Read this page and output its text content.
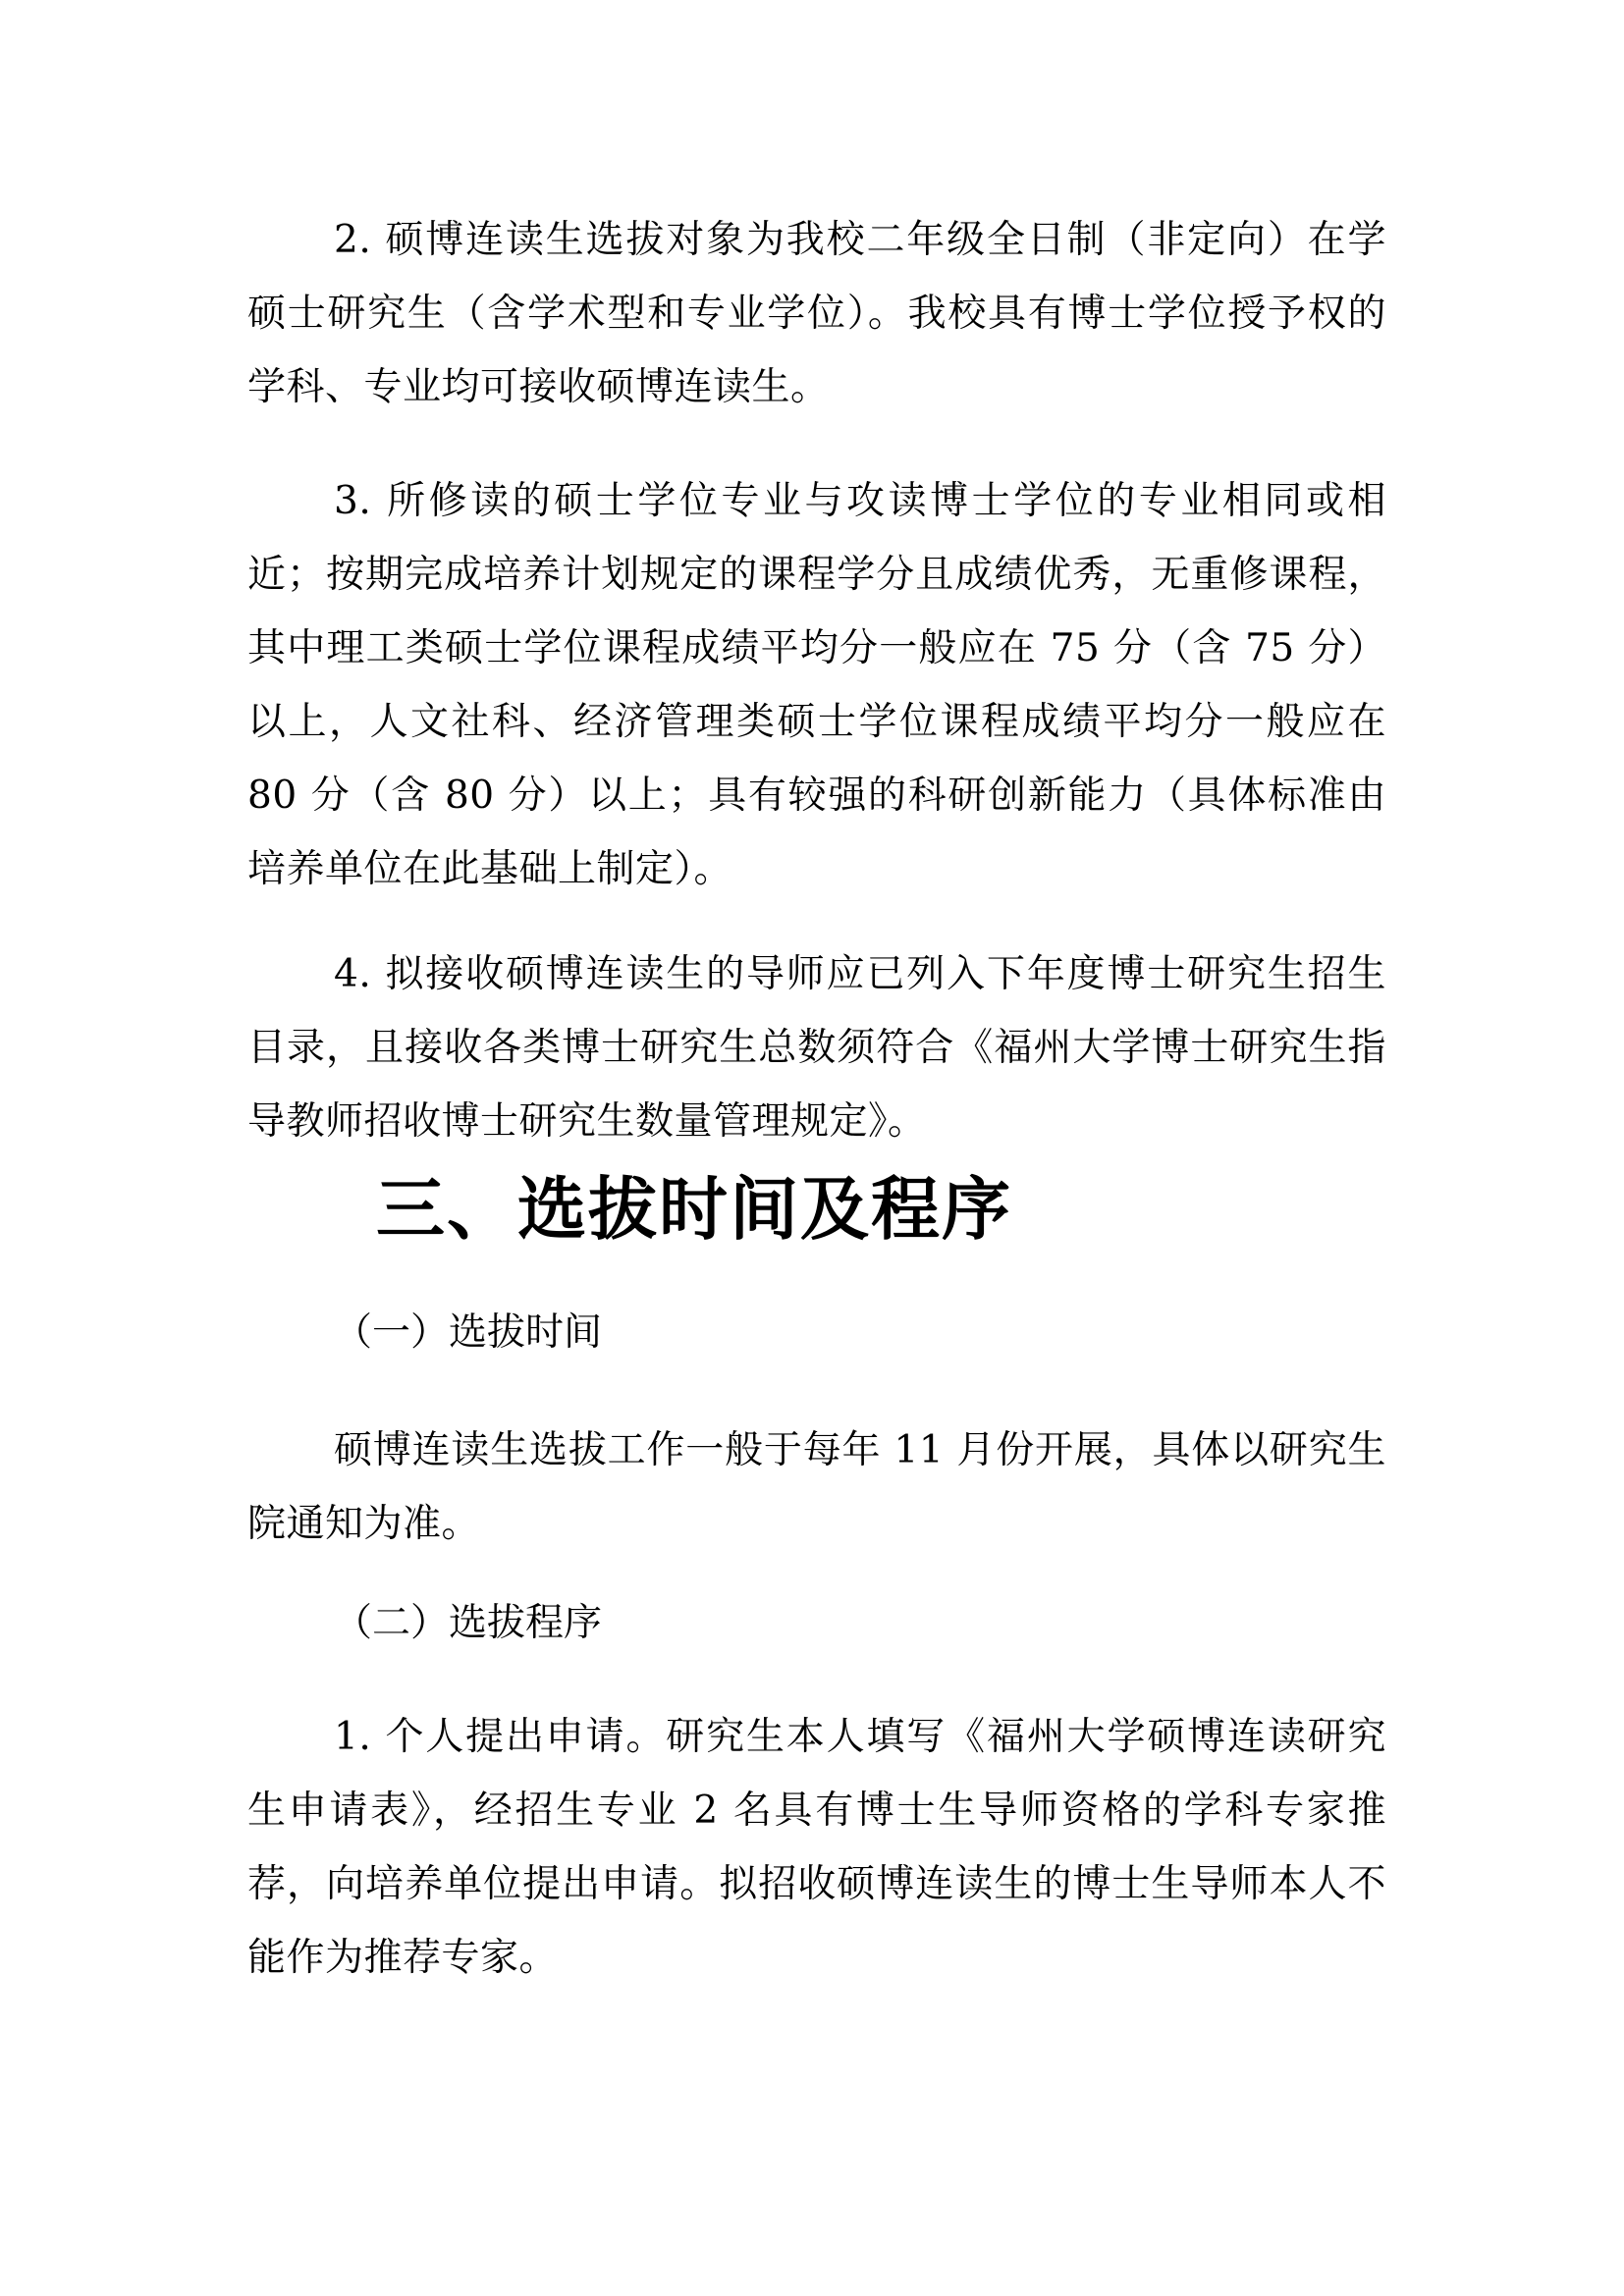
2. 硕博连读生选拔对象为我校二年级全日制（非定向）在学硕士研究生（含学术型和专业学位）。我校具有博士学位授予权的学科、专业均可接收硕博连读生。

3. 所修读的硕士学位专业与攻读博士学位的专业相同或相近；按期完成培养计划规定的课程学分且成绩优秀，无重修课程，其中理工类硕士学位课程成绩平均分一般应在 75 分（含 75 分）以上，人文社科、经济管理类硕士学位课程成绩平均分一般应在 80 分（含 80 分）以上；具有较强的科研创新能力（具体标准由培养单位在此基础上制定）。

4. 拟接收硕博连读生的导师应已列入下年度博士研究生招生目录，且接收各类博士研究生总数须符合《福州大学博士研究生指导教师招收博士研究生数量管理规定》。

三、选拔时间及程序
（一）选拔时间

硕博连读生选拔工作一般于每年 11 月份开展，具体以研究生院通知为准。

（二）选拔程序

1. 个人提出申请。研究生本人填写《福州大学硕博连读研究生申请表》，经招生专业 2 名具有博士生导师资格的学科专家推荐，向培养单位提出申请。拟招收硕博连读生的博士生导师本人不能作为推荐专家。
